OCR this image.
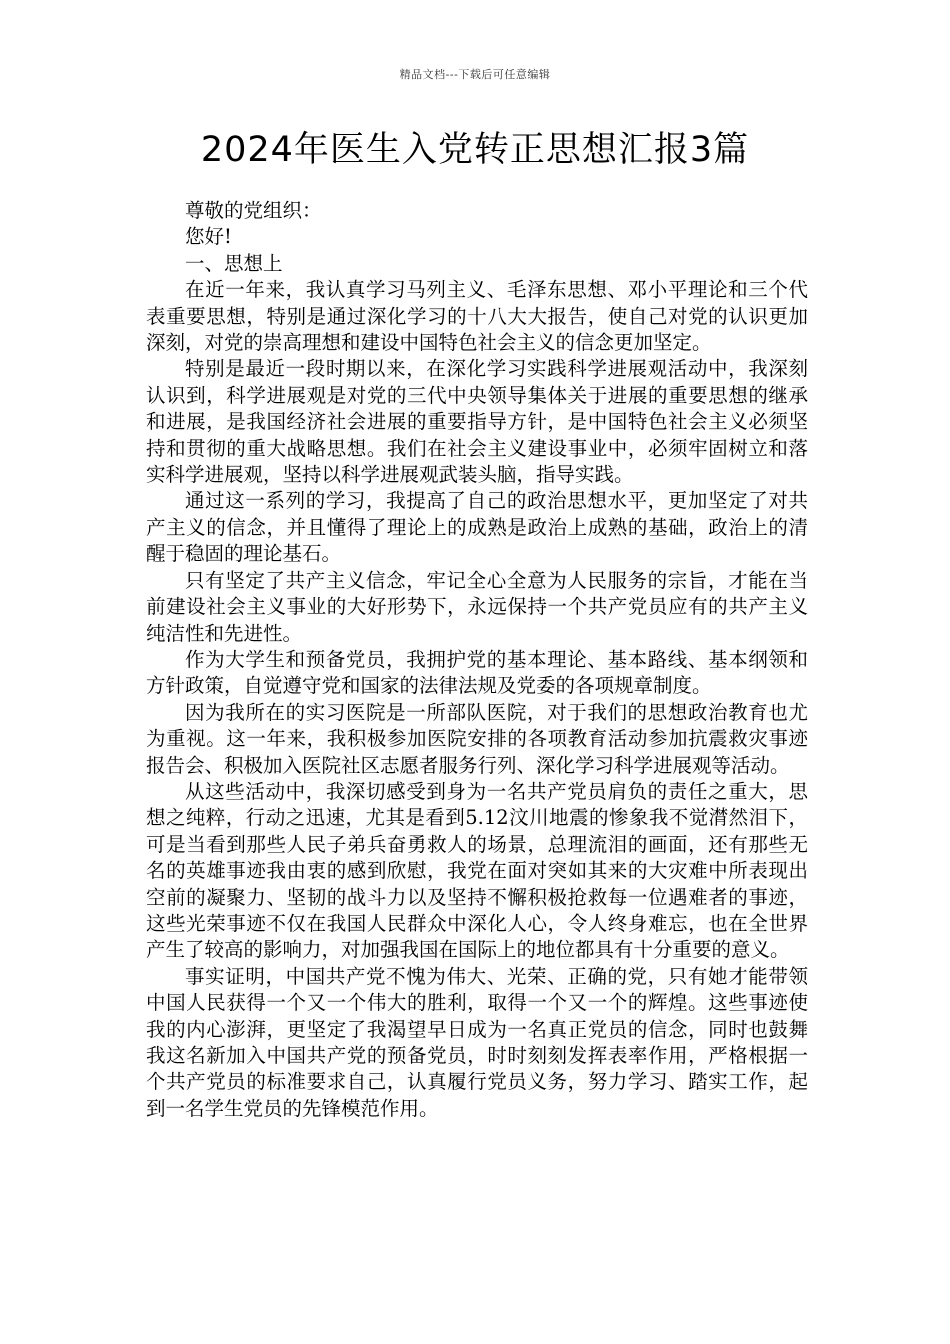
精品文档---下载后可任意编辑
2024年医生入党转正思想汇报3篇

尊敬的党组织：

您好!

一、思想上

在近一年来，我认真学习马列主义、毛泽东思想、邓小平理论和三个代表重要思想，特别是通过深化学习的十八大大报告，使自己对党的认识更加深刻，对党的崇高理想和建设中国特色社会主义的信念更加坚定。

特别是最近一段时期以来，在深化学习实践科学进展观活动中，我深刻认识到，科学进展观是对党的三代中央领导集体关于进展的重要思想的继承和进展，是我国经济社会进展的重要指导方针，是中国特色社会主义必须坚持和贯彻的重大战略思想。我们在社会主义建设事业中，必须牢固树立和落实科学进展观，坚持以科学进展观武装头脑，指导实践。

通过这一系列的学习，我提高了自己的政治思想水平，更加坚定了对共产主义的信念，并且懂得了理论上的成熟是政治上成熟的基础，政治上的清醒于稳固的理论基石。

只有坚定了共产主义信念，牢记全心全意为人民服务的宗旨，才能在当前建设社会主义事业的大好形势下，永远保持一个共产党员应有的共产主义纯洁性和先进性。

作为大学生和预备党员，我拥护党的基本理论、基本路线、基本纲领和方针政策，自觉遵守党和国家的法律法规及党委的各项规章制度。

因为我所在的实习医院是一所部队医院，对于我们的思想政治教育也尤为重视。这一年来，我积极参加医院安排的各项教育活动参加抗震救灾事迹报告会、积极加入医院社区志愿者服务行列、深化学习科学进展观等活动。

从这些活动中，我深切感受到身为一名共产党员肩负的责任之重大，思想之纯粹，行动之迅速，尤其是看到5.12汶川地震的惨象我不觉潸然泪下，可是当看到那些人民子弟兵奋勇救人的场景，总理流泪的画面，还有那些无名的英雄事迹我由衷的感到欣慰，我党在面对突如其来的大灾难中所表现出空前的凝聚力、坚韧的战斗力以及坚持不懈积极抢救每一位遇难者的事迹，这些光荣事迹不仅在我国人民群众中深化人心，令人终身难忘，也在全世界产生了较高的影响力，对加强我国在国际上的地位都具有十分重要的意义。

事实证明，中国共产党不愧为伟大、光荣、正确的党，只有她才能带领中国人民获得一个又一个伟大的胜利，取得一个又一个的辉煌。这些事迹使我的内心澎湃，更坚定了我渴望早日成为一名真正党员的信念，同时也鼓舞我这名新加入中国共产党的预备党员，时时刻刻发挥表率作用，严格根据一个共产党员的标准要求自己，认真履行党员义务，努力学习、踏实工作，起到一名学生党员的先锋模范作用。
